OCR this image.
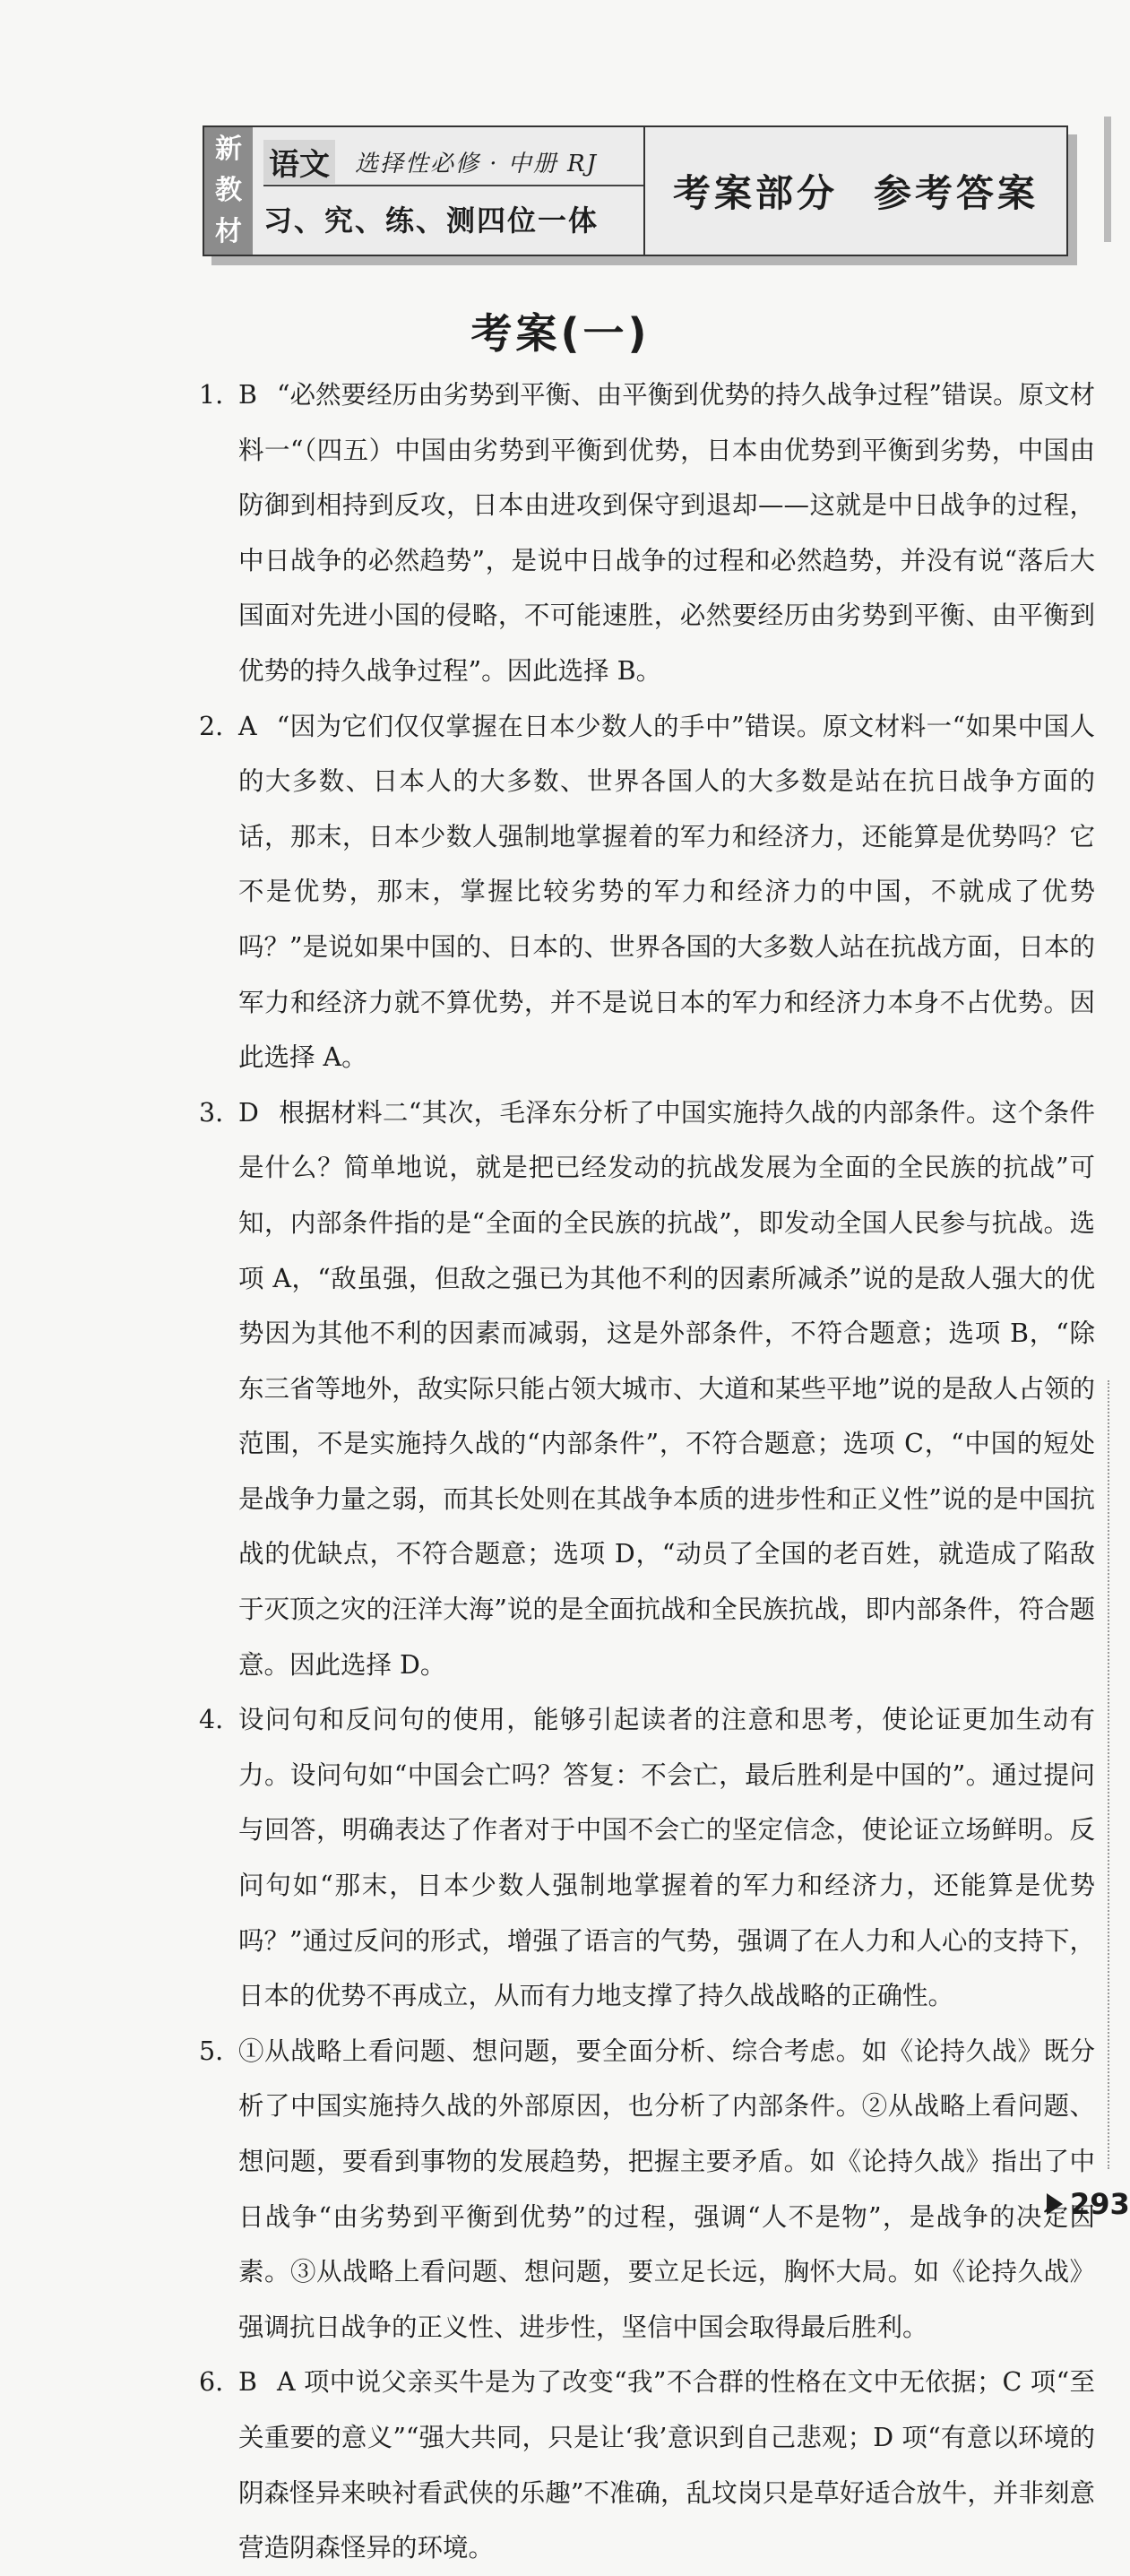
新
教
材
语文 选择性必修 · 中册 RJ
习、究、练、测四位一体
考案部分 参考答案
考案(一)

1. B “必然要经历由劣势到平衡、由平衡到优势的持久战争过程”错误。原文材料一“（四五）中国由劣势到平衡到优势，日本由优势到平衡到劣势，中国由防御到相持到反攻，日本由进攻到保守到退却——这就是中日战争的过程，中日战争的必然趋势”，是说中日战争的过程和必然趋势，并没有说“落后大国面对先进小国的侵略，不可能速胜，必然要经历由劣势到平衡、由平衡到优势的持久战争过程”。因此选择 B。

2. A “因为它们仅仅掌握在日本少数人的手中”错误。原文材料一“如果中国人的大多数、日本人的大多数、世界各国人的大多数是站在抗日战争方面的话，那末，日本少数人强制地掌握着的军力和经济力，还能算是优势吗？它不是优势，那末，掌握比较劣势的军力和经济力的中国，不就成了优势吗？”是说如果中国的、日本的、世界各国的大多数人站在抗战方面，日本的军力和经济力就不算优势，并不是说日本的军力和经济力本身不占优势。因此选择 A。

3. D 根据材料二“其次，毛泽东分析了中国实施持久战的内部条件。这个条件是什么？简单地说，就是把已经发动的抗战发展为全面的全民族的抗战”可知，内部条件指的是“全面的全民族的抗战”，即发动全国人民参与抗战。选项 A，“敌虽强，但敌之强已为其他不利的因素所减杀”说的是敌人强大的优势因为其他不利的因素而减弱，这是外部条件，不符合题意；选项 B，“除东三省等地外，敌实际只能占领大城市、大道和某些平地”说的是敌人占领的范围，不是实施持久战的“内部条件”，不符合题意；选项 C，“中国的短处是战争力量之弱，而其长处则在其战争本质的进步性和正义性”说的是中国抗战的优缺点，不符合题意；选项 D，“动员了全国的老百姓，就造成了陷敌于灭顶之灾的汪洋大海”说的是全面抗战和全民族抗战，即内部条件，符合题意。因此选择 D。

4. 设问句和反问句的使用，能够引起读者的注意和思考，使论证更加生动有力。设问句如“中国会亡吗？答复：不会亡，最后胜利是中国的”。通过提问与回答，明确表达了作者对于中国不会亡的坚定信念，使论证立场鲜明。反问句如“那末，日本少数人强制地掌握着的军力和经济力，还能算是优势吗？”通过反问的形式，增强了语言的气势，强调了在人力和人心的支持下，日本的优势不再成立，从而有力地支撑了持久战战略的正确性。

5. ①从战略上看问题、想问题，要全面分析、综合考虑。如《论持久战》既分析了中国实施持久战的外部原因，也分析了内部条件。②从战略上看问题、想问题，要看到事物的发展趋势，把握主要矛盾。如《论持久战》指出了中日战争“由劣势到平衡到优势”的过程，强调“人不是物”，是战争的决定因素。③从战略上看问题、想问题，要立足长远，胸怀大局。如《论持久战》强调抗日战争的正义性、进步性，坚信中国会取得最后胜利。

6. B A 项中说父亲买牛是为了改变“我”不合群的性格在文中无依据；C 项“至关重要的意义”“强大共同，只是让‘我’意识到自己悲观；D 项“有意以环境的阴森怪异来映衬看武侠的乐趣”不准确，乱坟岗只是草好适合放牛，并非刻意营造阴森怪异的环境。

293
